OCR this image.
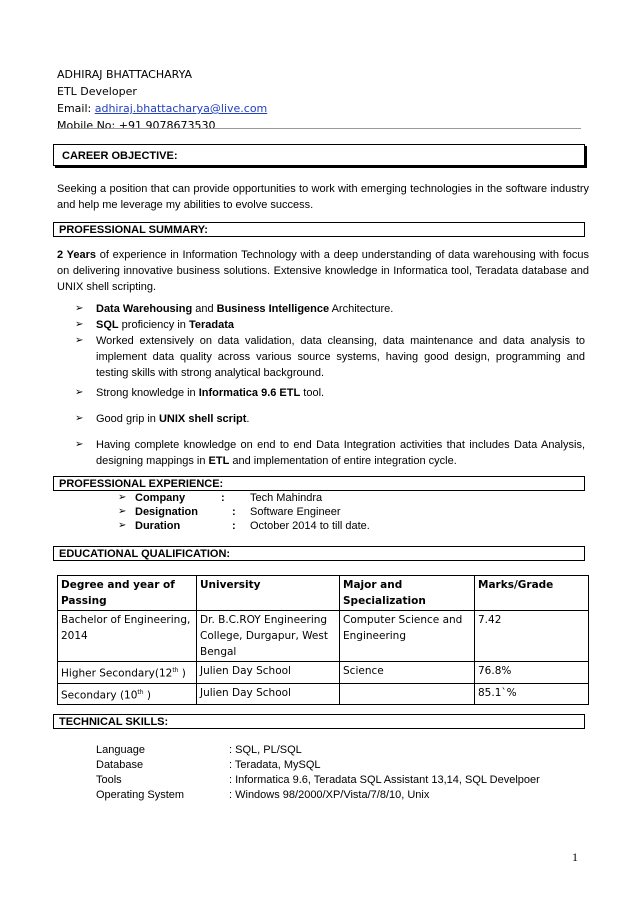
ADHIRAJ BHATTACHARYA
ETL Developer
Email: adhiraj.bhattacharya@live.com
Mobile No: +91 9078673530
CAREER OBJECTIVE:
Seeking a position that can provide opportunities to work with emerging technologies in the software industry and help me leverage my abilities to evolve success.
PROFESSIONAL SUMMARY:
2 Years of experience in Information Technology with a deep understanding of data warehousing with focus on delivering innovative business solutions. Extensive knowledge in Informatica tool, Teradata database and UNIX shell scripting.
➢ Data Warehousing and Business Intelligence Architecture.
➢ SQL proficiency in Teradata
➢ Worked extensively on data validation, data cleansing, data maintenance and data analysis to implement data quality across various source systems, having good design, programming and testing skills with strong analytical background.
➢ Strong knowledge in Informatica 9.6 ETL tool.
➢ Good grip in UNIX shell script.
➢ Having complete knowledge on end to end Data Integration activities that includes Data Analysis, designing mappings in ETL and implementation of entire integration cycle.
PROFESSIONAL EXPERIENCE:
➢ Company	: Tech Mahindra
➢ Designation	: Software Engineer
➢ Duration	: October 2014 to till date.
EDUCATIONAL QUALIFICATION:
Degree and year of Passing	University	Major and Specialization	Marks/Grade
Bachelor of Engineering, 2014	Dr. B.C.ROY Engineering College, Durgapur, West Bengal	Computer Science and Engineering	7.42
Higher Secondary(12th )	Julien Day School	Science	76.8%
Secondary (10th )	Julien Day School		85.1`%
TECHNICAL SKILLS:
Language	: SQL, PL/SQL
Database	: Teradata, MySQL
Tools	: Informatica 9.6, Teradata SQL Assistant 13,14, SQL Develpoer
Operating System	: Windows 98/2000/XP/Vista/7/8/10, Unix
1
